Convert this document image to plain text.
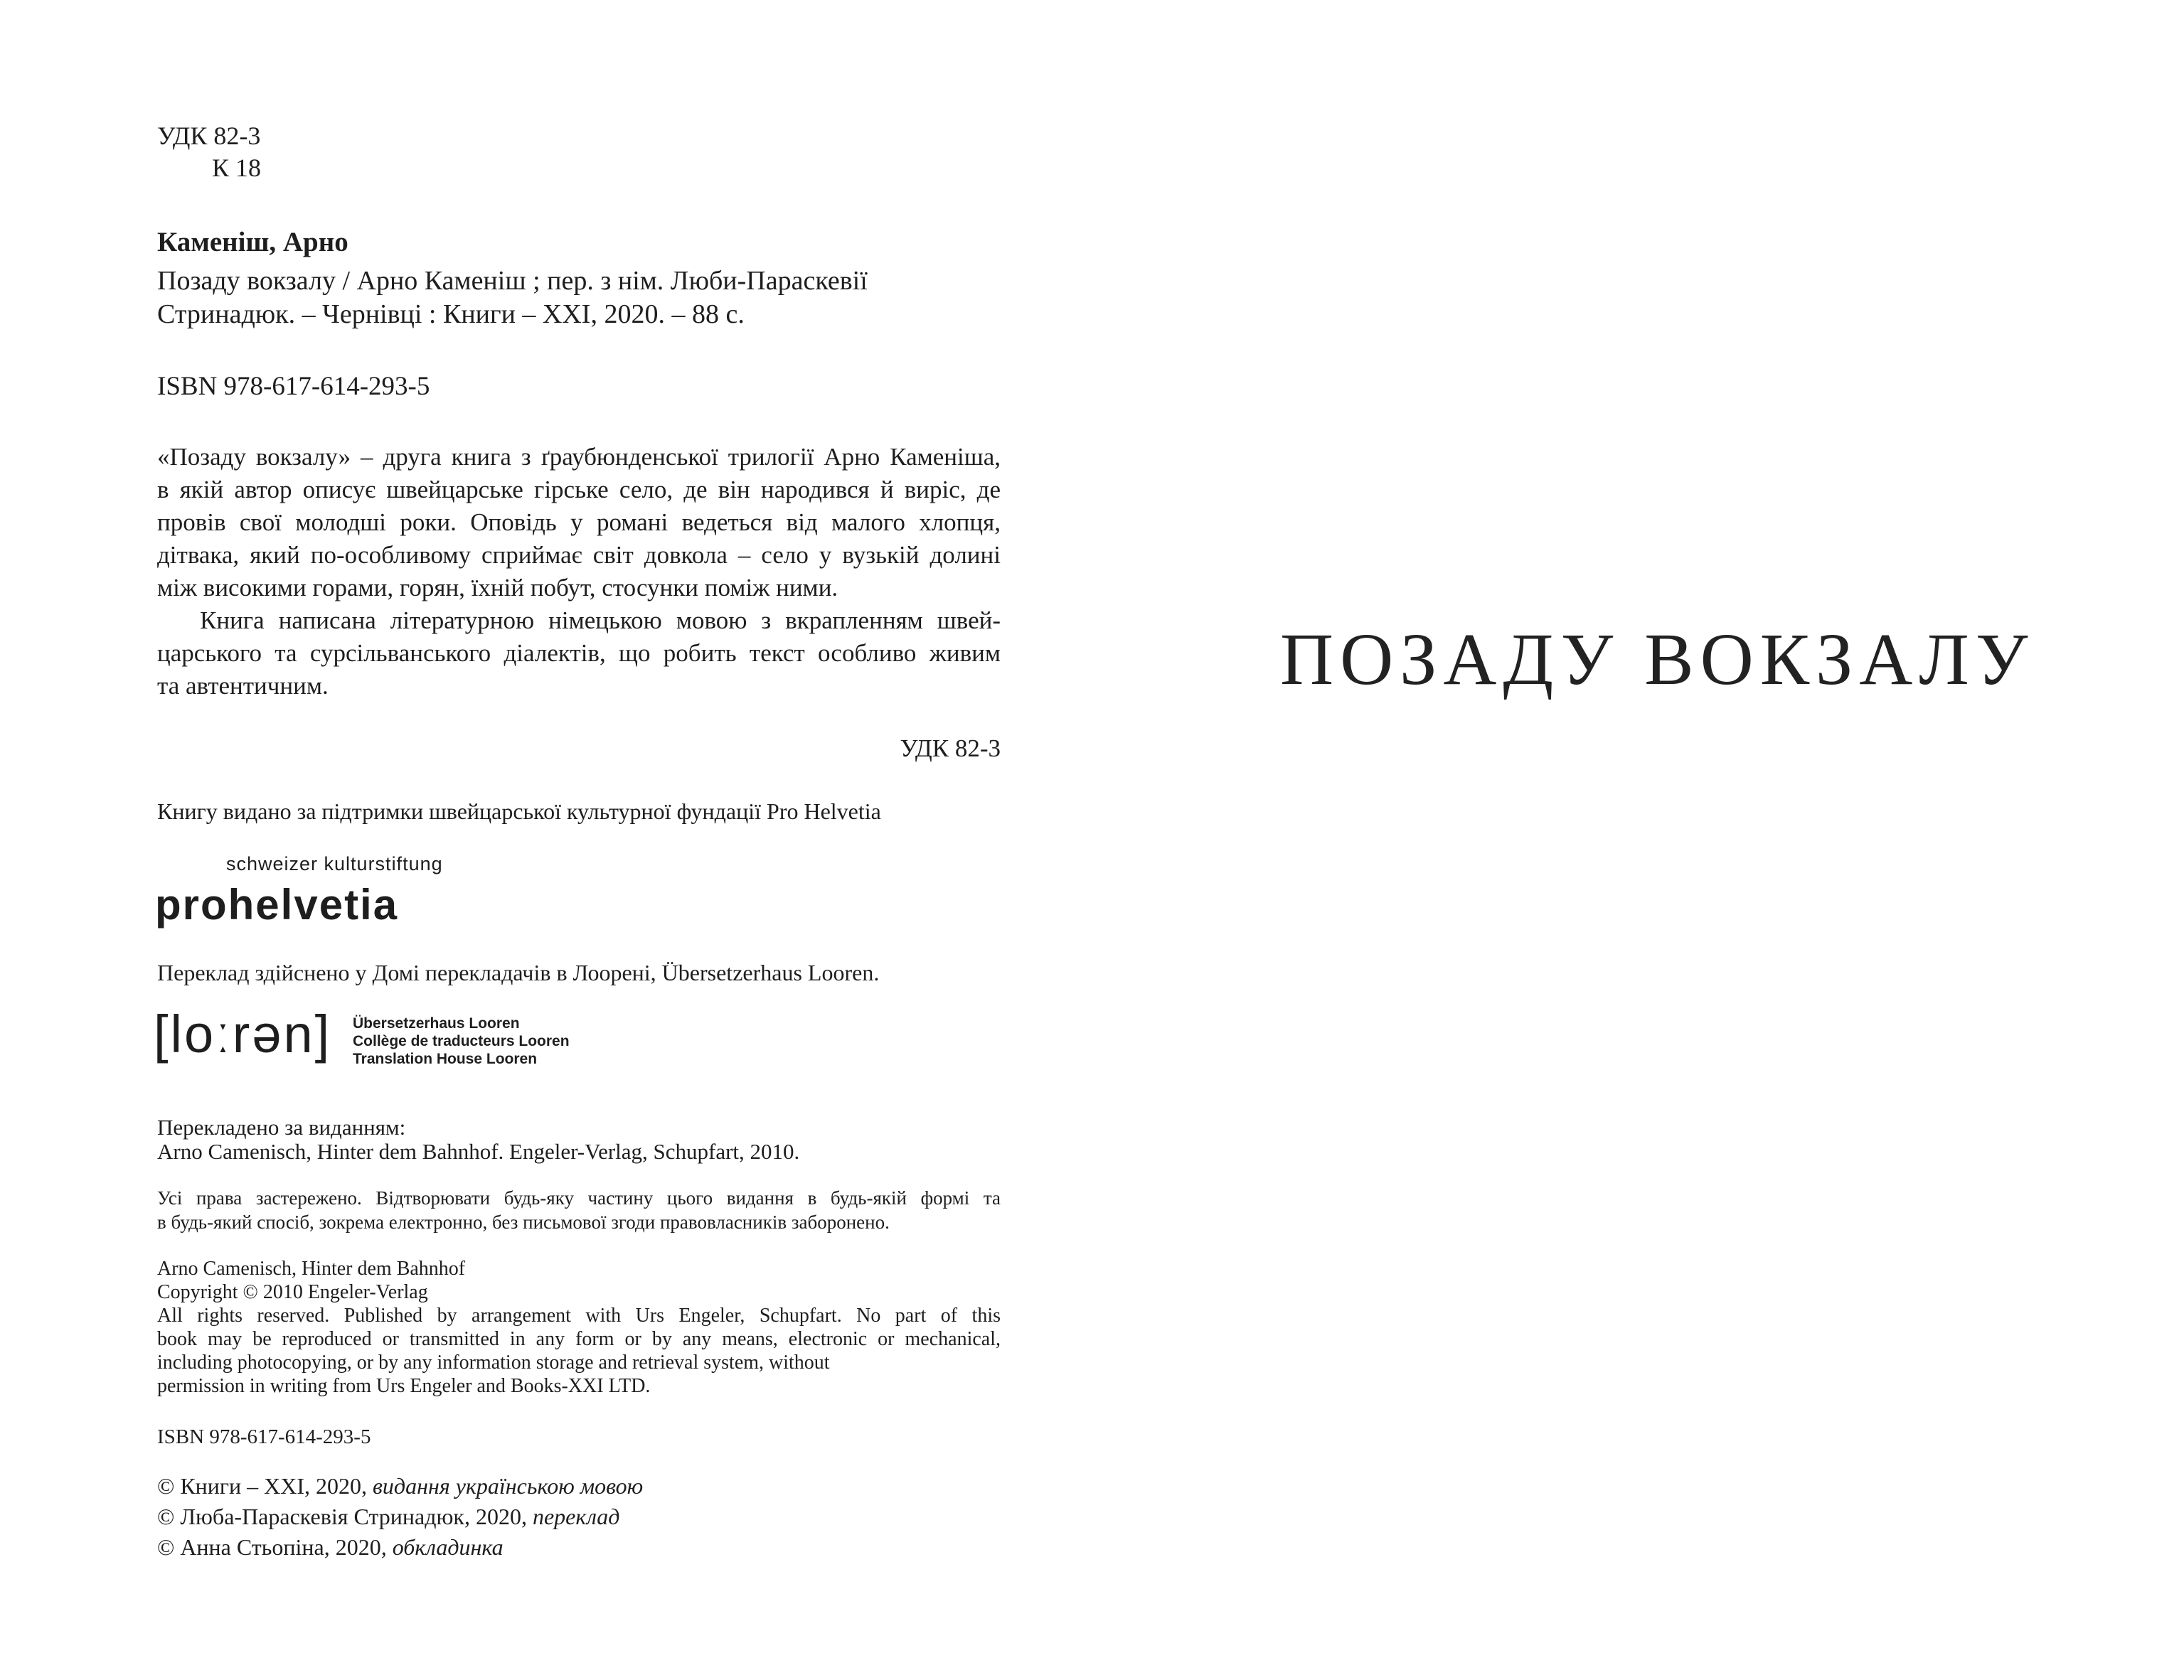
УДК 82-3
К 18
Каменіш, Арно
Позаду вокзалу / Арно Каменіш ; пер. з нім. Люби-Параскевії
Стринадюк. – Чернівці : Книги – XXI, 2020. – 88 с.
ISBN 978-617-614-293-5
«Позаду вокзалу» – друга книга з ґраубюнденської трилогії Арно Каменіша,
в якій автор описує швейцарське гірське село, де він народився й виріс, де
провів свої молодші роки. Оповідь у романі ведеться від малого хлопця,
дітвака, який по-особливому сприймає світ довкола – село у вузькій долині
між високими горами, горян, їхній побут, стосунки поміж ними.
Книга написана літературною німецькою мовою з вкрапленням швей-
царського та сурсільванського діалектів, що робить текст особливо живим
та автентичним.
УДК 82-3
Книгу видано за підтримки швейцарської культурної фундації Pro Helvetia
schweizer kulturstiftung
prohelvetia
Переклад здійснено у Домі перекладачів в Лоорені, Übersetzerhaus Looren.
[loːrən] Übersetzerhaus Looren
Collège de traducteurs Looren
Translation House Looren
Перекладено за виданням:
Arno Camenisch, Hinter dem Bahnhof. Engeler-Verlag, Schupfart, 2010.
Усі права застережено. Відтворювати будь-яку частину цього видання в будь-якій формі та
в будь-який спосіб, зокрема електронно, без письмової згоди правовласників заборонено.
Arno Camenisch, Hinter dem Bahnhof
Copyright © 2010 Engeler-Verlag
All rights reserved. Published by arrangement with Urs Engeler, Schupfart. No part of this
book may be reproduced or transmitted in any form or by any means, electronic or mechanical,
including photocopying, or by any information storage and retrieval system, without
permission in writing from Urs Engeler and Books-XXI LTD.
ISBN 978-617-614-293-5
© Книги – XXI, 2020, видання українською мовою
© Люба-Параскевія Стринадюк, 2020, переклад
© Анна Стьопіна, 2020, обкладинка
ПОЗАДУ ВОКЗАЛУ
